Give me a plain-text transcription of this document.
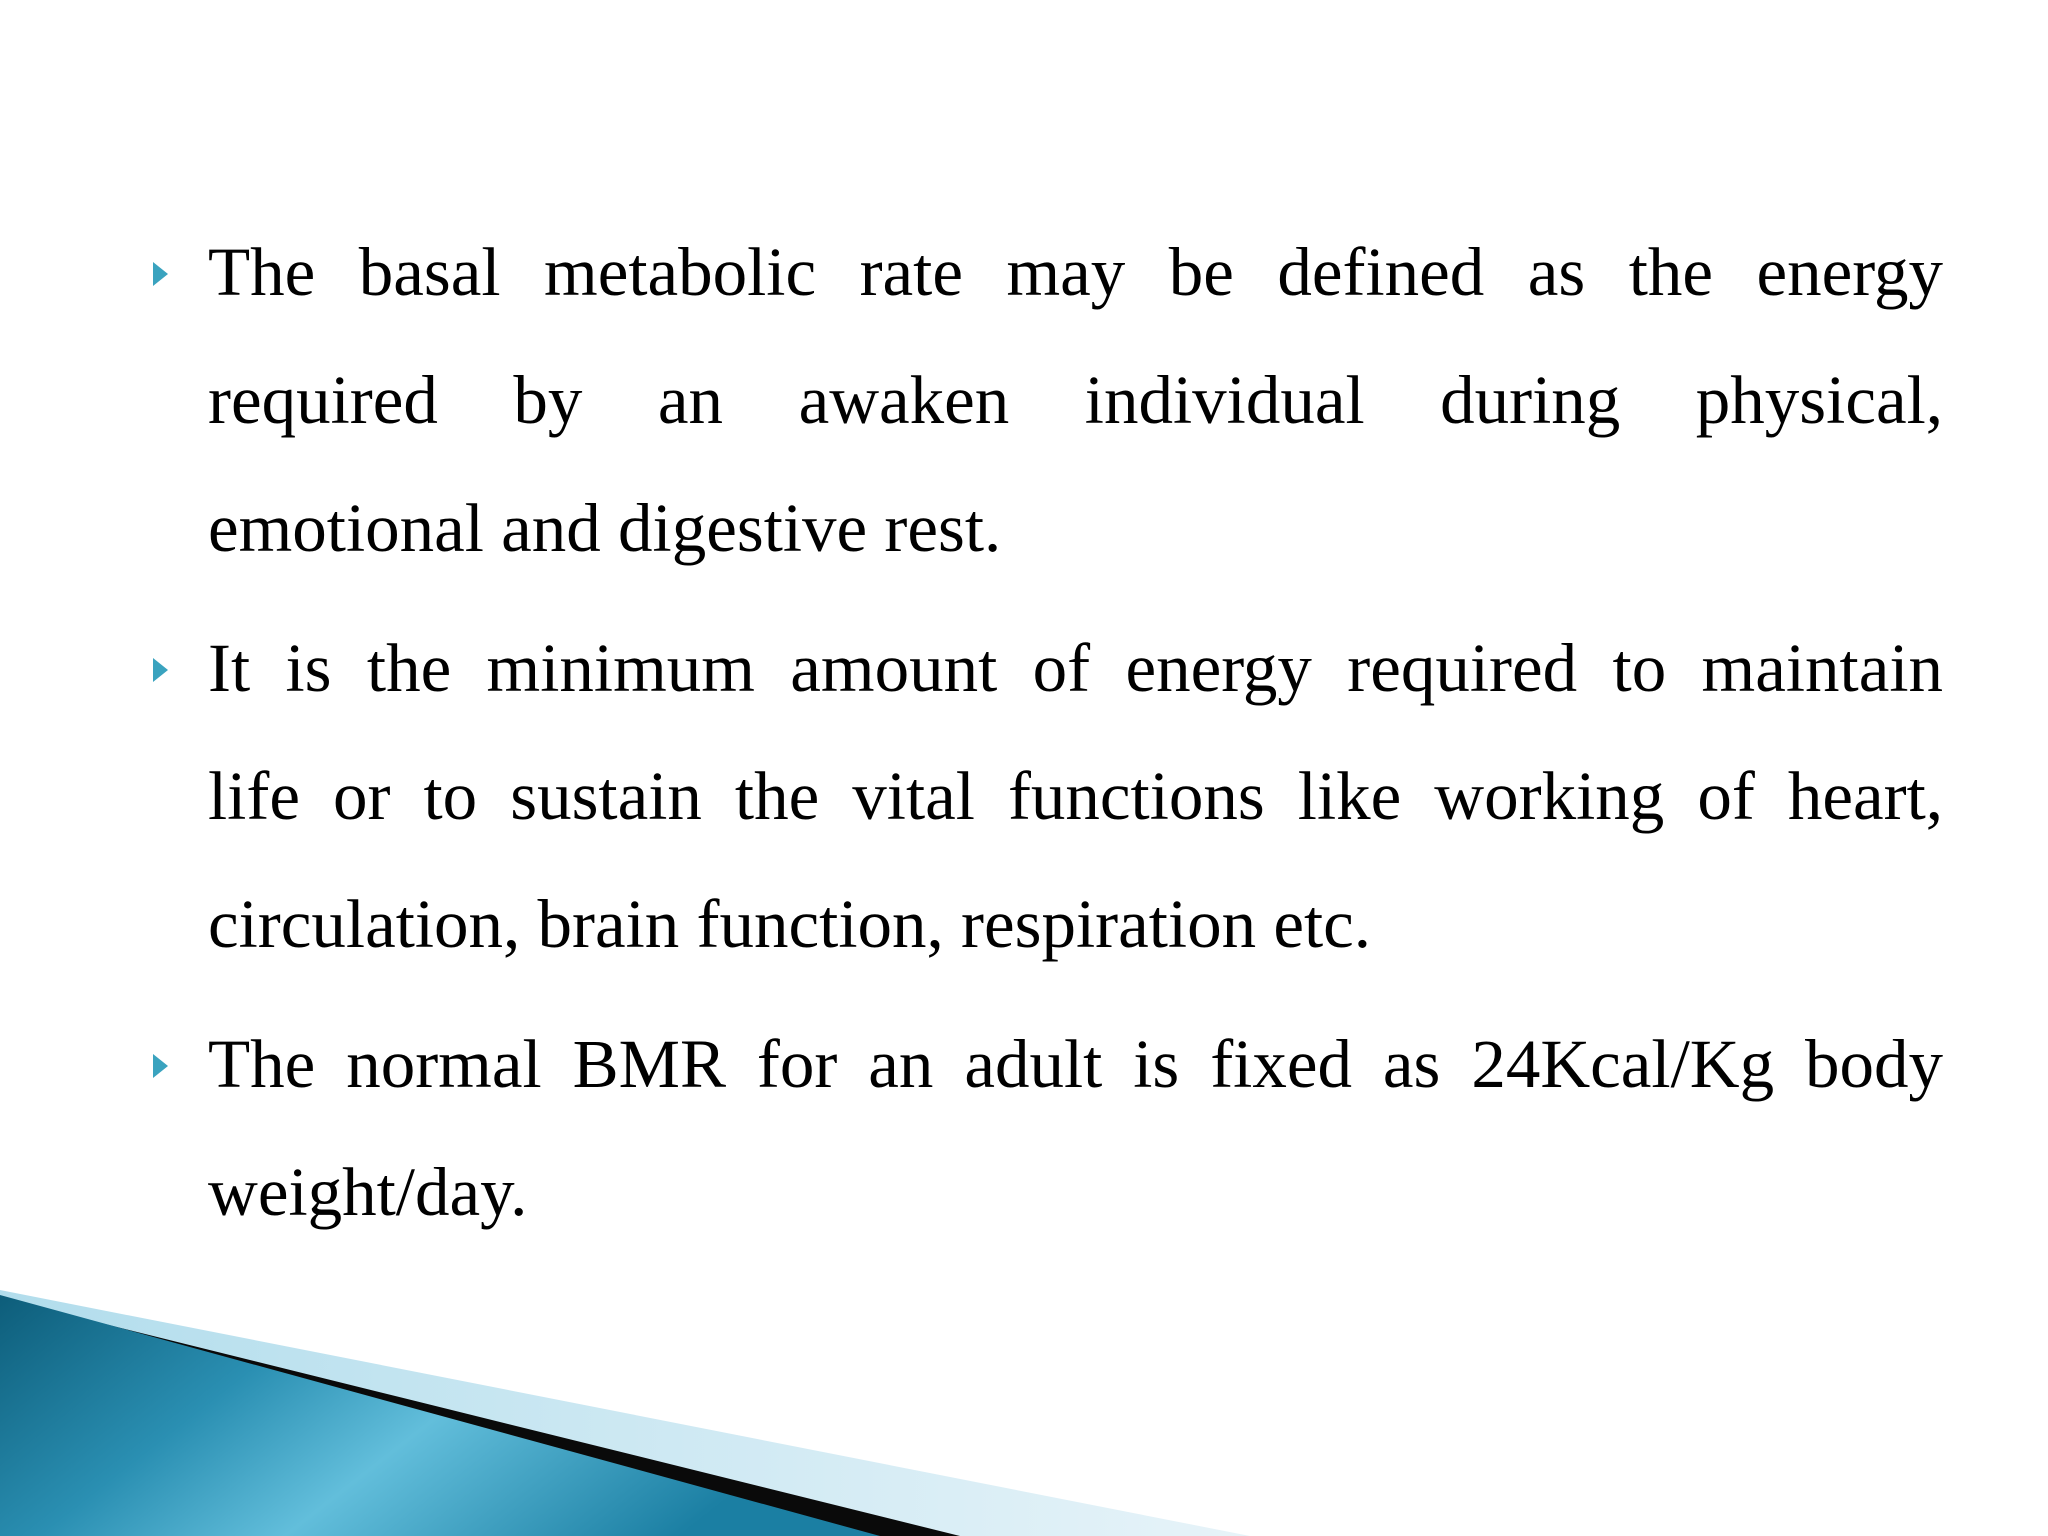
The basal metabolic rate may be defined as the energy
required by an awaken individual during physical,
emotional and digestive rest.
It is the minimum amount of energy required to maintain
life or to sustain the vital functions like working of heart,
circulation, brain function, respiration etc.
The normal BMR for an adult is fixed as 24Kcal/Kg body
weight/day.
